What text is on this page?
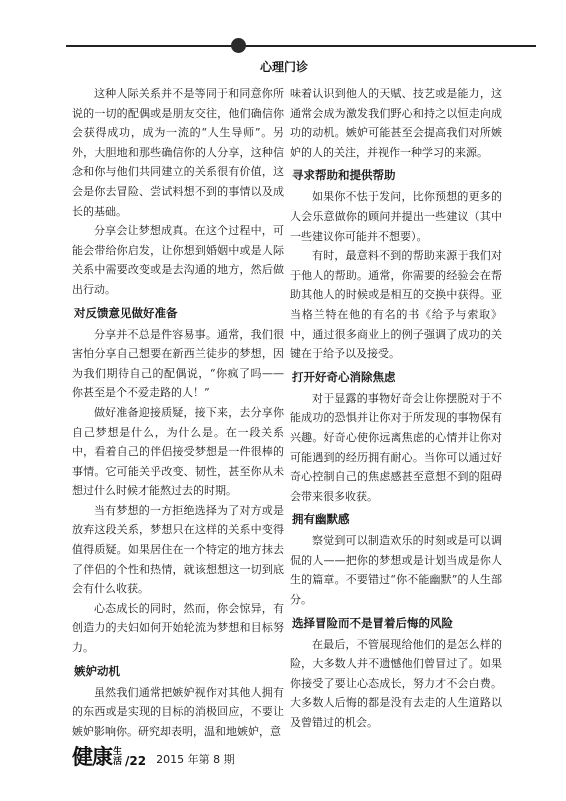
心理门诊

这种人际关系并不是等同于和同意你所说的一切的配偶或是朋友交往，他们确信你会获得成功，成为一流的“人生导师”。另外，大胆地和那些确信你的人分享，这种信念和你与他们共同建立的关系很有价值，这会是你去冒险、尝试料想不到的事情以及成长的基础。

分享会让梦想成真。在这个过程中，可能会带给你启发，让你想到婚姻中或是人际关系中需要改变或是去沟通的地方，然后做出行动。

对反馈意见做好准备

分享并不总是件容易事。通常，我们很害怕分享自己想要在新西兰徒步的梦想，因为我们期待自己的配偶说，“你疯了吗——你甚至是个不爱走路的人！”

做好准备迎接质疑，接下来，去分享你自己梦想是什么，为什么是。在一段关系中，看着自己的伴侣接受梦想是一件很棒的事情。它可能关乎改变、韧性，甚至你从未想过什么时候才能熬过去的时期。

当有梦想的一方拒绝选择为了对方或是放弃这段关系，梦想只在这样的关系中变得值得质疑。如果居住在一个特定的地方抹去了伴侣的个性和热情，就该想想这一切到底会有什么收获。

心态成长的同时，然而，你会惊异，有创造力的夫妇如何开始轮流为梦想和目标努力。

嫉妒动机

虽然我们通常把嫉妒视作对其他人拥有的东西或是实现的目标的消极回应，不要让嫉妒影响你。研究却表明，温和地嫉妒，意

味着认识到他人的天赋、技艺或是能力，这通常会成为激发我们野心和持之以恒走向成功的动机。嫉妒可能甚至会提高我们对所嫉妒的人的关注，并视作一种学习的来源。

寻求帮助和提供帮助

如果你不怯于发问，比你预想的更多的人会乐意做你的顾问并提出一些建议（其中一些建议你可能并不想要）。

有时，最意料不到的帮助来源于我们对于他人的帮助。通常，你需要的经验会在帮助其他人的时候或是相互的交换中获得。亚当格兰特在他的有名的书《给予与索取》中，通过很多商业上的例子强调了成功的关键在于给予以及接受。

打开好奇心消除焦虑

对于显露的事物好奇会让你摆脱对于不能成功的恐惧并让你对于所发现的事物保有兴趣。好奇心使你远离焦虑的心情并让你对可能遇到的经历拥有耐心。当你可以通过好奇心控制自己的焦虑感甚至意想不到的阻碍会带来很多收获。

拥有幽默感

察觉到可以制造欢乐的时刻或是可以调侃的人——把你的梦想或是计划当成是你人生的篇章。不要错过“你不能幽默”的人生部分。

选择冒险而不是冒着后悔的风险

在最后，不管展现给他们的是怎么样的险，大多数人并不遗憾他们曾冒过了。如果你接受了要让心态成长，努力才不会白费。大多数人后悔的都是没有去走的人生道路以及曾错过的机会。

健康 生活 /22 2015 年第 8 期
